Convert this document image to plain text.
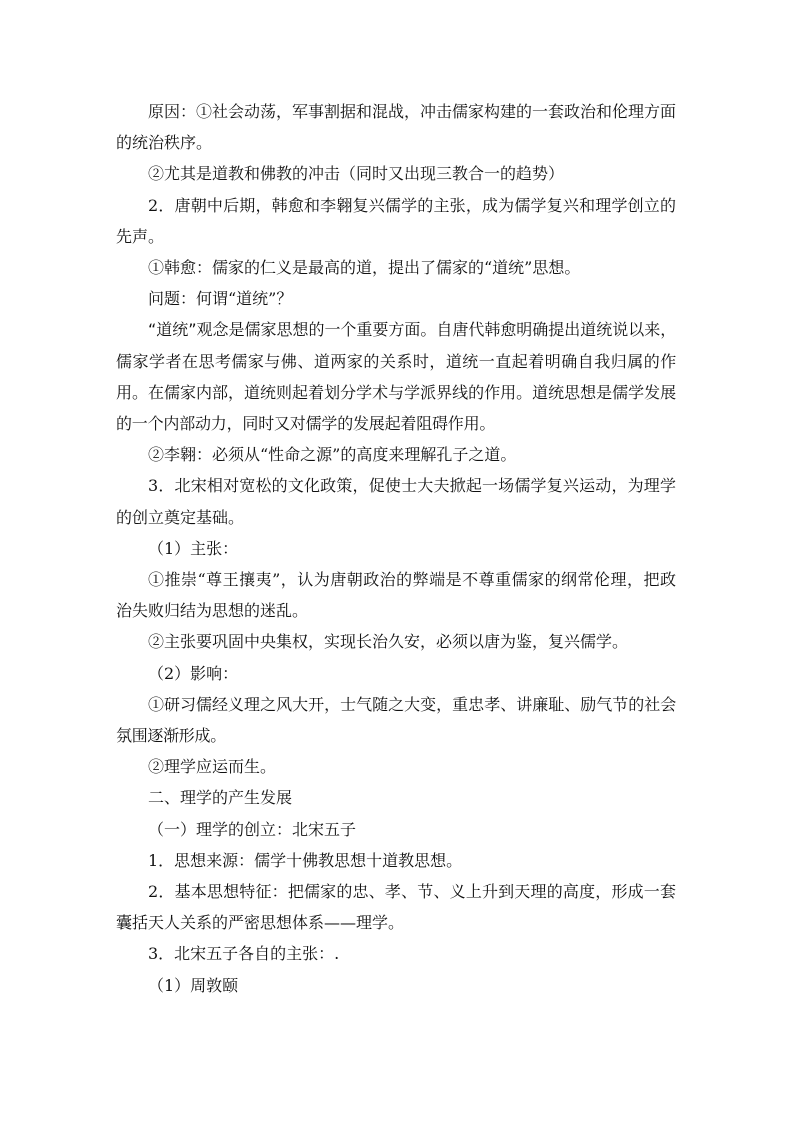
原因：①社会动荡，军事割据和混战，冲击儒家构建的一套政治和伦理方面的统治秩序。

②尤其是道教和佛教的冲击（同时又出现三教合一的趋势）

2．唐朝中后期，韩愈和李翱复兴儒学的主张，成为儒学复兴和理学创立的先声。

①韩愈：儒家的仁义是最高的道，提出了儒家的“道统”思想。

问题：何谓“道统”？

“道统”观念是儒家思想的一个重要方面。自唐代韩愈明确提出道统说以来，儒家学者在思考儒家与佛、道两家的关系时，道统一直起着明确自我归属的作用。在儒家内部，道统则起着划分学术与学派界线的作用。道统思想是儒学发展的一个内部动力，同时又对儒学的发展起着阻碍作用。

②李翱：必须从“性命之源”的高度来理解孔子之道。

3．北宋相对宽松的文化政策，促使士大夫掀起一场儒学复兴运动，为理学的创立奠定基础。

（1）主张：

①推崇“尊王攘夷”，认为唐朝政治的弊端是不尊重儒家的纲常伦理，把政治失败归结为思想的迷乱。

②主张要巩固中央集权，实现长治久安，必须以唐为鉴，复兴儒学。

（2）影响：

①研习儒经义理之风大开，士气随之大变，重忠孝、讲廉耻、励气节的社会氛围逐渐形成。

②理学应运而生。

二、理学的产生发展

（一）理学的创立：北宋五子

1．思想来源：儒学十佛教思想十道教思想。

2．基本思想特征：把儒家的忠、孝、节、义上升到天理的高度，形成一套囊括天人关系的严密思想体系——理学。

3．北宋五子各自的主张：.

（1）周敦颐
